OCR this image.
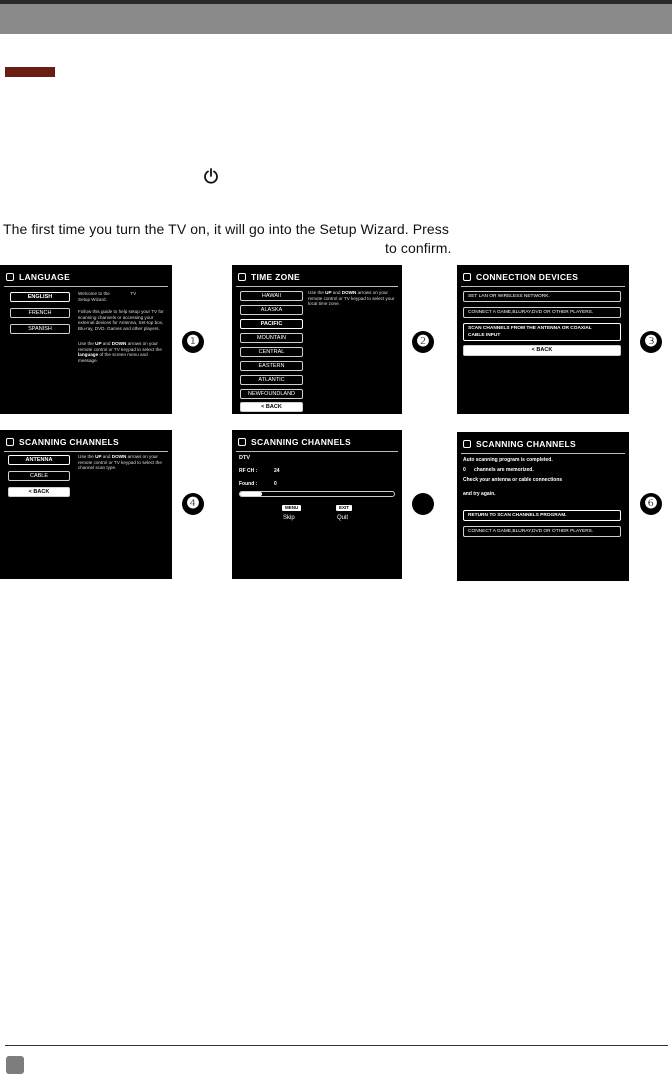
The first time you turn the TV on, it will go into the Setup Wizard. Press
to confirm.
LANGUAGE
ENGLISH
FRENCH
SPANISH
Welcome to the	TV
Setup Wizard.
Follow this guide to help setup your TV for scanning channels or accessing your external devices for Antenna, Set-top box, Blu-ray, DVD, Games and other players.
Use the UP and DOWN arrows on your remote control or TV keypad to select the language of the screen menu and message.
❶
TIME ZONE
HAWAII
ALASKA
PACIFIC
MOUNTAIN
CENTRAL
EASTERN
ATLANTIC
NEWFOUNDLAND
< BACK
Use the UP and DOWN arrows on your remote control or TV keypad to select your local time zone.
❷
CONNECTION DEVICES
SET LAN OR WIRELESS NETWORK.
CONNECT A GAME,BLURAY,DVD OR OTHER PLAYERS.
SCAN CHANNELS FROM THE ANTENNA OR COAXIAL
CABLE INPUT
< BACK	❸
SCANNING CHANNELS
ANTENNA
CABLE
< BACK
Use the UP and DOWN arrows on your remote control or TV keypad to select the channel scan type.
❹
SCANNING CHANNELS
DTV
RF CH :	24
Found :	0
MENU	EXIT
Skip	Quit
SCANNING CHANNELS
Auto scanning program is completed.
0 channels are memorized.
Check your antenna or cable connections
and try again.
RETURN TO SCAN CHANNELS PROGRAM.
CONNECT A GAME,BLURAY,DVD OR OTHER PLAYERS.
❻
